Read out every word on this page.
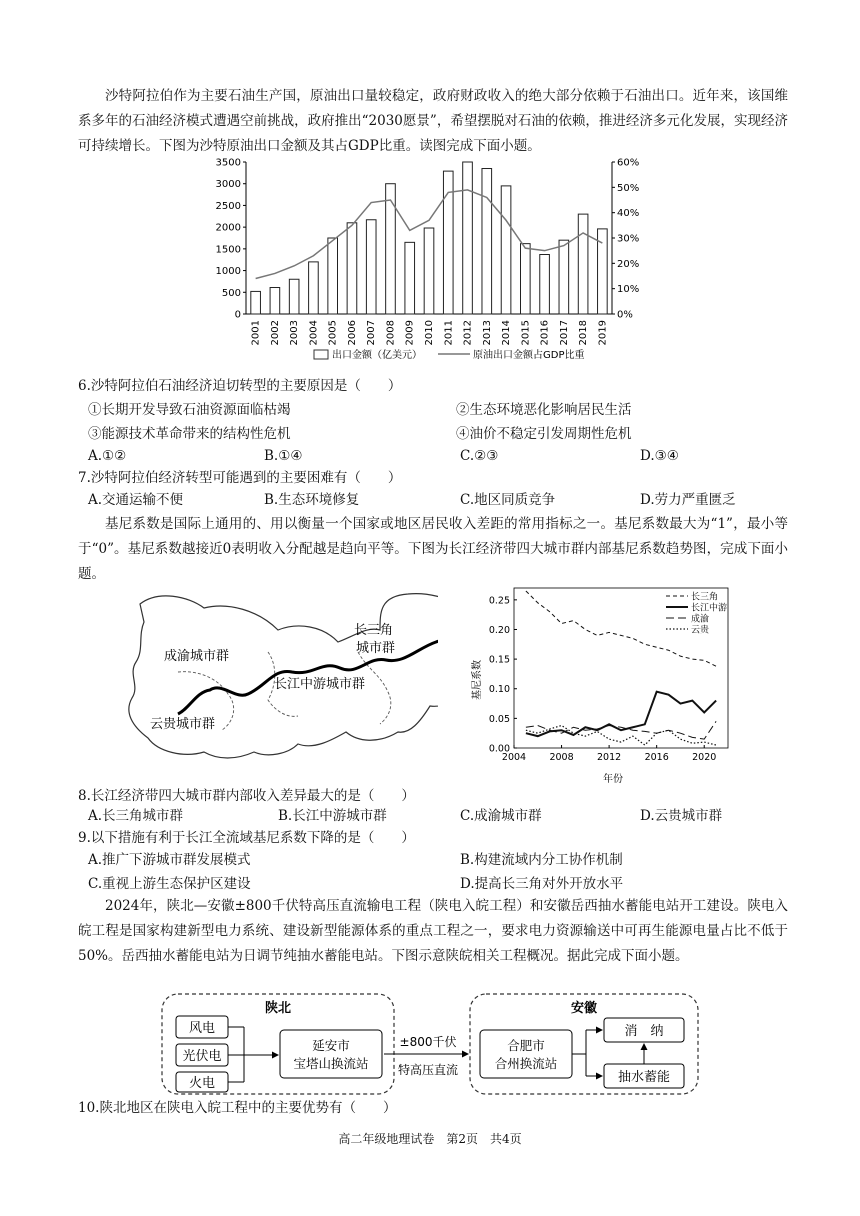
沙特阿拉伯作为主要石油生产国，原油出口量较稳定，政府财政收入的绝大部分依赖于石油出口。近年来，该国维系多年的石油经济模式遭遇空前挑战，政府推出“2030愿景”，希望摆脱对石油的依赖，推进经济多元化发展，实现经济可持续增长。下图为沙特原油出口金额及其占GDP比重。读图完成下面小题。
0
500
1000
1500
2000
2500
3000
3500
0%
10%
20%
30%
40%
50%
60%
2001 2002 2003 2004 2005 2006 2007 2008 2009 2010 2011 2012 2013 2014 2015 2016 2017 2018 2019
出口金额（亿美元）	原油出口金额占GDP比重
6.沙特阿拉伯石油经济迫切转型的主要原因是（　　）
①长期开发导致石油资源面临枯竭	②生态环境恶化影响居民生活
③能源技术革命带来的结构性危机	④油价不稳定引发周期性危机
A.①②	B.①④	C.②③	D.③④
7.沙特阿拉伯经济转型可能遇到的主要困难有（　　）
A.交通运输不便	B.生态环境修复	C.地区同质竞争	D.劳力严重匮乏
基尼系数是国际上通用的、用以衡量一个国家或地区居民收入差距的常用指标之一。基尼系数最大为“1”，最小等于“0”。基尼系数越接近0表明收入分配越是趋向平等。下图为长江经济带四大城市群内部基尼系数趋势图，完成下面小题。
成渝城市群
长三角
城市群
长江中游城市群
云贵城市群
0.00
0.05
0.10
0.15
0.20
0.25
2004 2008 2012 2016 2020
长三角
长江中游
成渝
云贵
基尼系数
年份
8.长江经济带四大城市群内部收入差异最大的是（　　）
A.长三角城市群	B.长江中游城市群	C.成渝城市群	D.云贵城市群
9.以下措施有利于长江全流域基尼系数下降的是（　　）
A.推广下游城市群发展模式	B.构建流域内分工协作机制
C.重视上游生态保护区建设	D.提高长三角对外开放水平
2024年，陕北—安徽±800千伏特高压直流输电工程（陕电入皖工程）和安徽岳西抽水蓄能电站开工建设。陕电入皖工程是国家构建新型电力系统、建设新型能源体系的重点工程之一，要求电力资源输送中可再生能源电量占比不低于50%。岳西抽水蓄能电站为日调节纯抽水蓄能电站。下图示意陕皖相关工程概况。据此完成下面小题。
陕北
风电
光伏电
火电
延安市
宝塔山换流站
±800千伏
特高压直流
安徽
合肥市
合州换流站
消　纳
抽水蓄能
10.陕北地区在陕电入皖工程中的主要优势有（　　）
高二年级地理试卷　第2页　共4页
